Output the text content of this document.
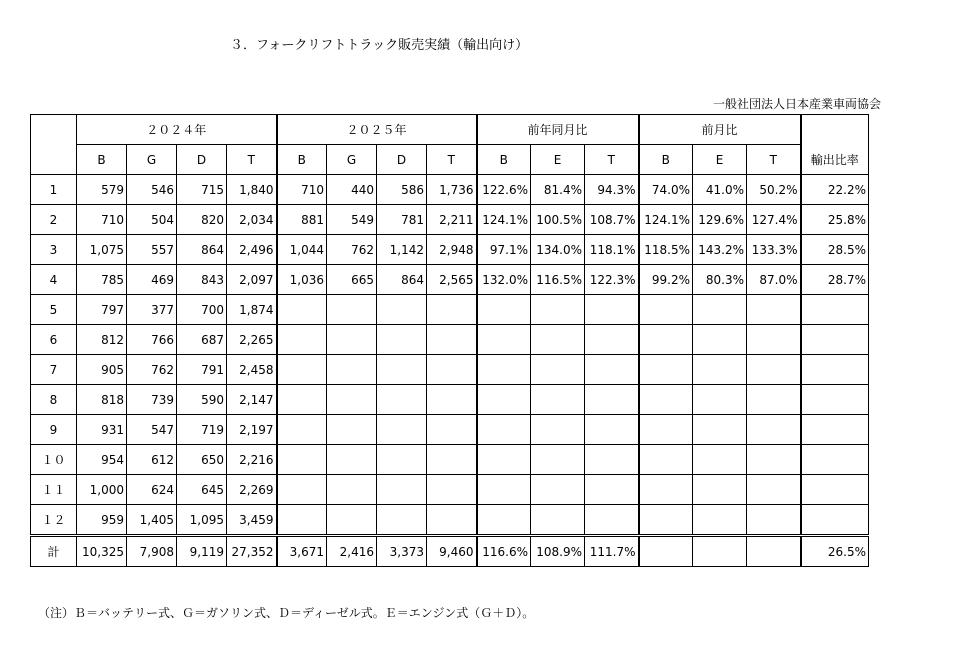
３．フォークリフトトラック販売実績（輸出向け）
一般社団法人日本産業車両協会
	２０２４年				２０２５年				前年同月比			前月比			輸出比率
	B	G	D	T	B	G	D	T	B	E	T	B	E	T	
1	579	546	715	1,840	710	440	586	1,736	122.6%	81.4%	94.3%	74.0%	41.0%	50.2%	22.2%
2	710	504	820	2,034	881	549	781	2,211	124.1%	100.5%	108.7%	124.1%	129.6%	127.4%	25.8%
3	1,075	557	864	2,496	1,044	762	1,142	2,948	97.1%	134.0%	118.1%	118.5%	143.2%	133.3%	28.5%
4	785	469	843	2,097	1,036	665	864	2,565	132.0%	116.5%	122.3%	99.2%	80.3%	87.0%	28.7%
5	797	377	700	1,874											
6	812	766	687	2,265											
7	905	762	791	2,458											
8	818	739	590	2,147											
9	931	547	719	2,197											
１０	954	612	650	2,216											
１１	1,000	624	645	2,269											
１２	959	1,405	1,095	3,459											
計	10,325	7,908	9,119	27,352	3,671	2,416	3,373	9,460	116.6%	108.9%	111.7%				26.5%
（注）Ｂ＝バッテリー式、Ｇ＝ガソリン式、Ｄ＝ディーゼル式。Ｅ＝エンジン式（Ｇ＋Ｄ）。
